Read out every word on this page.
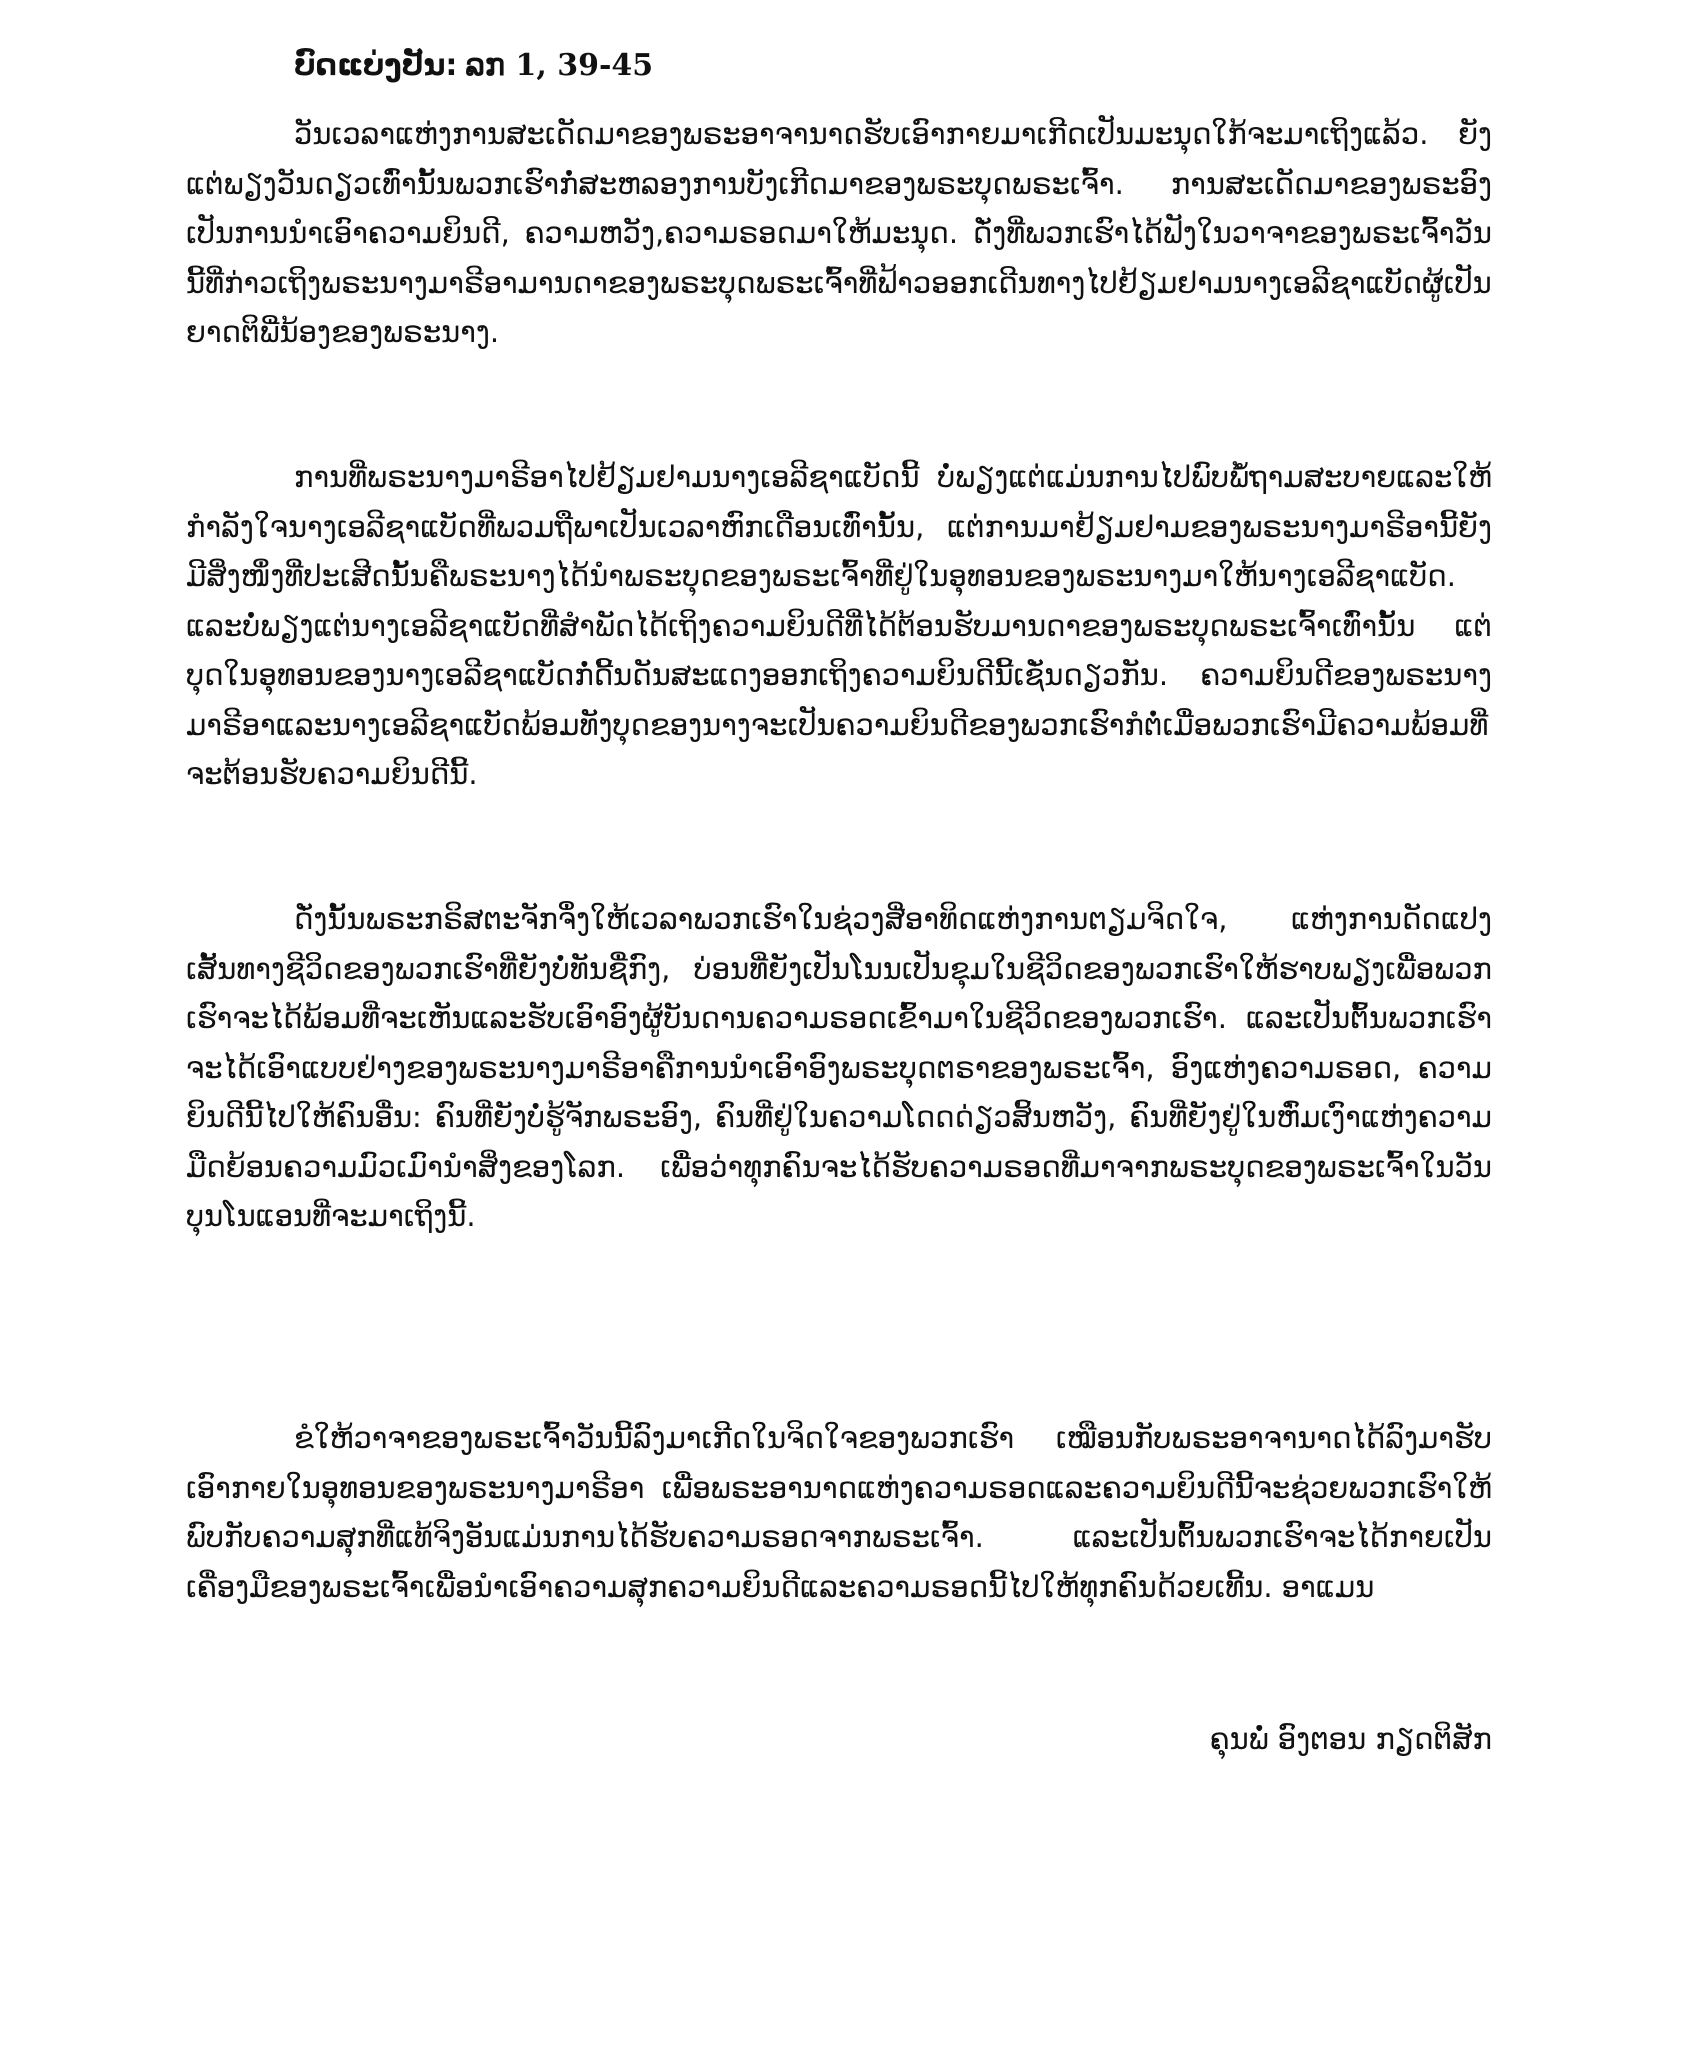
ບົດແບ່ງປັນ: ລກ 1, 39-45

ວັນເວລາແຫ່ງການສະເດັດມາຂອງພຣະອາຈານາດຮັບເອົາກາຍມາເກີດເປັນມະນຸດໃກ້ຈະມາເຖິງແລ້ວ. ຍັງແຕ່ພຽງວັນດຽວເທົ່ານັ້ນພວກເຮົາກໍ່ສະຫລອງການບັງເກີດມາຂອງພຣະບຸດພຣະເຈົ້າ. ການສະເດັດມາຂອງພຣະອົງເປັນການນຳເອົາຄວາມຍິນດີ, ຄວາມຫວັງ,ຄວາມຣອດມາໃຫ້ມະນຸດ. ດັ່ງທີ່ພວກເຮົາໄດ້ຟັງໃນວາຈາຂອງພຣະເຈົ້າວັນນີ້ທີ່ກ່າວເຖິງພຣະນາງມາຣີອາມານດາຂອງພຣະບຸດພຣະເຈົ້າທີ່ຟ້າວອອກເດີນທາງໄປຢ້ຽມຢາມນາງເອລີຊາແບັດຜູ້ເປັນຍາດຕິພີ່ນ້ອງຂອງພຣະນາງ.

ການທີ່ພຣະນາງມາຣີອາໄປຢ້ຽມຢາມນາງເອລີຊາແບັດນີ້ ບໍ່ພຽງແຕ່ແມ່ນການໄປພົບພໍ້ຖາມສະບາຍແລະໃຫ້ກຳລັງໃຈນາງເອລີຊາແບັດທີ່ພວມຖືພາເປັນເວລາຫົກເດືອນເທົ່ານັ້ນ, ແຕ່ການມາຢ້ຽມຢາມຂອງພຣະນາງມາຣີອານີ້ຍັງມີສິ່ງໜຶ່ງທີ່ປະເສີດນັ້ນຄືພຣະນາງໄດ້ນຳພຣະບຸດຂອງພຣະເຈົ້າທີ່ຢູ່ໃນອຸທອນຂອງພຣະນາງມາໃຫ້ນາງເອລີຊາແບັດ. ແລະບໍ່ພຽງແຕ່ນາງເອລີຊາແບັດທີ່ສຳພັດໄດ້ເຖິງຄວາມຍິນດີທີ່ໄດ້ຕ້ອນຮັບມານດາຂອງພຣະບຸດພຣະເຈົ້າເທົ່ານັ້ນ ແຕ່ບຸດໃນອຸທອນຂອງນາງເອລີຊາແບັດກໍ່ດີ້ນດັນສະແດງອອກເຖິງຄວາມຍິນດີນີ້ເຊັ່ນດຽວກັນ. ຄວາມຍິນດີຂອງພຣະນາງມາຣີອາແລະນາງເອລີຊາແບັດພ້ອມທັງບຸດຂອງນາງຈະເປັນຄວາມຍິນດີຂອງພວກເຮົາກໍຕໍ່ເມື່ອພວກເຮົາມີຄວາມພ້ອມທີ່ຈະຕ້ອນຮັບຄວາມຍິນດີນີ້.

ດັ່ງນັ້ນພຣະກຣິສຕະຈັກຈຶ່ງໃຫ້ເວລາພວກເຮົາໃນຊ່ວງສີ່ອາທິດແຫ່ງການຕຽມຈິດໃຈ, ແຫ່ງການດັດແປງເສັ້ນທາງຊີວິດຂອງພວກເຮົາທີ່ຍັງບໍ່ທັນຊື່ກົງ, ບ່ອນທີ່ຍັງເປັນໂນນເປັນຂຸມໃນຊີວິດຂອງພວກເຮົາໃຫ້ຮາບພຽງເພື່ອພວກເຮົາຈະໄດ້ພ້ອມທີ່ຈະເຫັນແລະຮັບເອົາອົງຜູ້ບັນດານຄວາມຣອດເຂົ້າມາໃນຊີວິດຂອງພວກເຮົາ. ແລະເປັນຕົ້ນພວກເຮົາຈະໄດ້ເອົາແບບຢ່າງຂອງພຣະນາງມາຣີອາຄືການນຳເອົາອົງພຣະບຸດຕຣາຂອງພຣະເຈົ້າ, ອົງແຫ່ງຄວາມຣອດ, ຄວາມຍິນດີນີ້ໄປໃຫ້ຄົນອື່ນ: ຄົນທີ່ຍັງບໍ່ຮູ້ຈັກພຣະອົງ, ຄົນທີ່ຢູ່ໃນຄວາມໂດດດ່ຽວສິ້ນຫວັງ, ຄົນທີ່ຍັງຢູ່ໃນຫົ່ມເງົາແຫ່ງຄວາມມືດຍ້ອນຄວາມມົວເມົານຳສິ່ງຂອງໂລກ. ເພື່ອວ່າທຸກຄົນຈະໄດ້ຮັບຄວາມຣອດທີ່ມາຈາກພຣະບຸດຂອງພຣະເຈົ້າໃນວັນບຸນໂນແອນທີ່ຈະມາເຖິງນີ້.

ຂໍໃຫ້ວາຈາຂອງພຣະເຈົ້າວັນນີ້ລົງມາເກີດໃນຈິດໃຈຂອງພວກເຮົາ ເໝືອນກັບພຣະອາຈານາດໄດ້ລົງມາຮັບເອົາກາຍໃນອຸທອນຂອງພຣະນາງມາຣີອາ ເພື່ອພຣະອານາດແຫ່ງຄວາມຣອດແລະຄວາມຍິນດີນີ້ຈະຊ່ວຍພວກເຮົາໃຫ້ພົບກັບຄວາມສຸກທີ່ແທ້ຈິງອັນແມ່ນການໄດ້ຮັບຄວາມຣອດຈາກພຣະເຈົ້າ. ແລະເປັນຕົ້ນພວກເຮົາຈະໄດ້ກາຍເປັນເຄື່ອງມືຂອງພຣະເຈົ້າເພື່ອນຳເອົາຄວາມສຸກຄວາມຍິນດີແລະຄວາມຣອດນີ້ໄປໃຫ້ທຸກຄົນດ້ວຍເທີ້ນ. ອາແມນ

ຄຸນພໍ່ ອົງຕອນ ກຽດຕິສັກ
